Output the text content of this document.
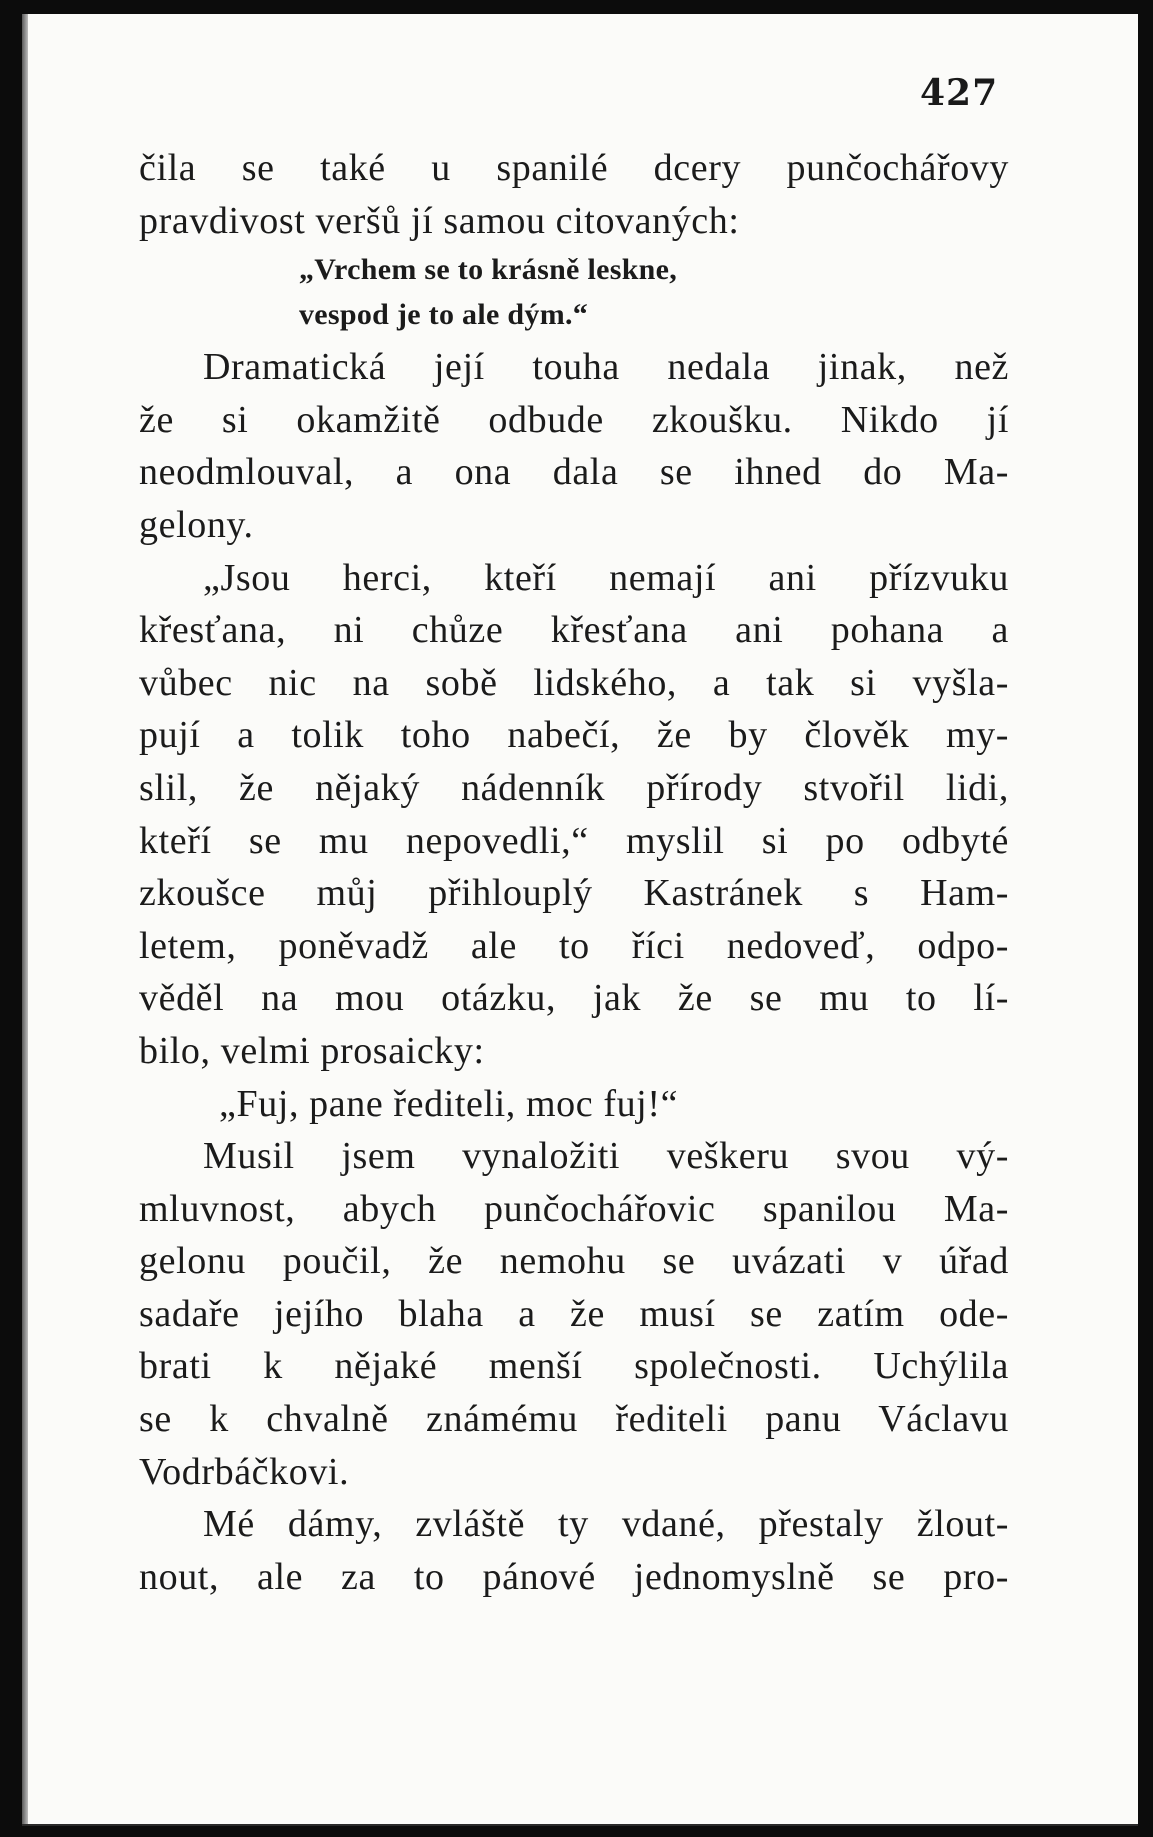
427
čila se také u spanilé dcery punčochářovy
pravdivost veršů jí samou citovaných:
„Vrchem se to krásně leskne,
vespod je to ale dým.“
Dramatická její touha nedala jinak, než
že si okamžitě odbude zkoušku. Nikdo jí
neodmlouval, a ona dala se ihned do Ma-
gelony.
„Jsou herci, kteří nemají ani přízvuku
křesťana, ni chůze křesťana ani pohana a
vůbec nic na sobě lidského, a tak si vyšla-
pují a tolik toho nabečí, že by člověk my-
slil, že nějaký nádenník přírody stvořil lidi,
kteří se mu nepovedli,“ myslil si po odbyté
zkoušce můj přihlouplý Kastránek s Ham-
letem, poněvadž ale to říci nedoveď, odpo-
věděl na mou otázku, jak že se mu to lí-
bilo, velmi prosaicky:
„Fuj, pane řediteli, moc fuj!“
Musil jsem vynaložiti veškeru svou vý-
mluvnost, abych punčochářovic spanilou Ma-
gelonu poučil, že nemohu se uvázati v úřad
sadaře jejího blaha a že musí se zatím ode-
brati k nějaké menší společnosti. Uchýlila
se k chvalně známému řediteli panu Václavu
Vodrbáčkovi.
Mé dámy, zvláště ty vdané, přestaly žlout-
nout, ale za to pánové jednomyslně se pro-
